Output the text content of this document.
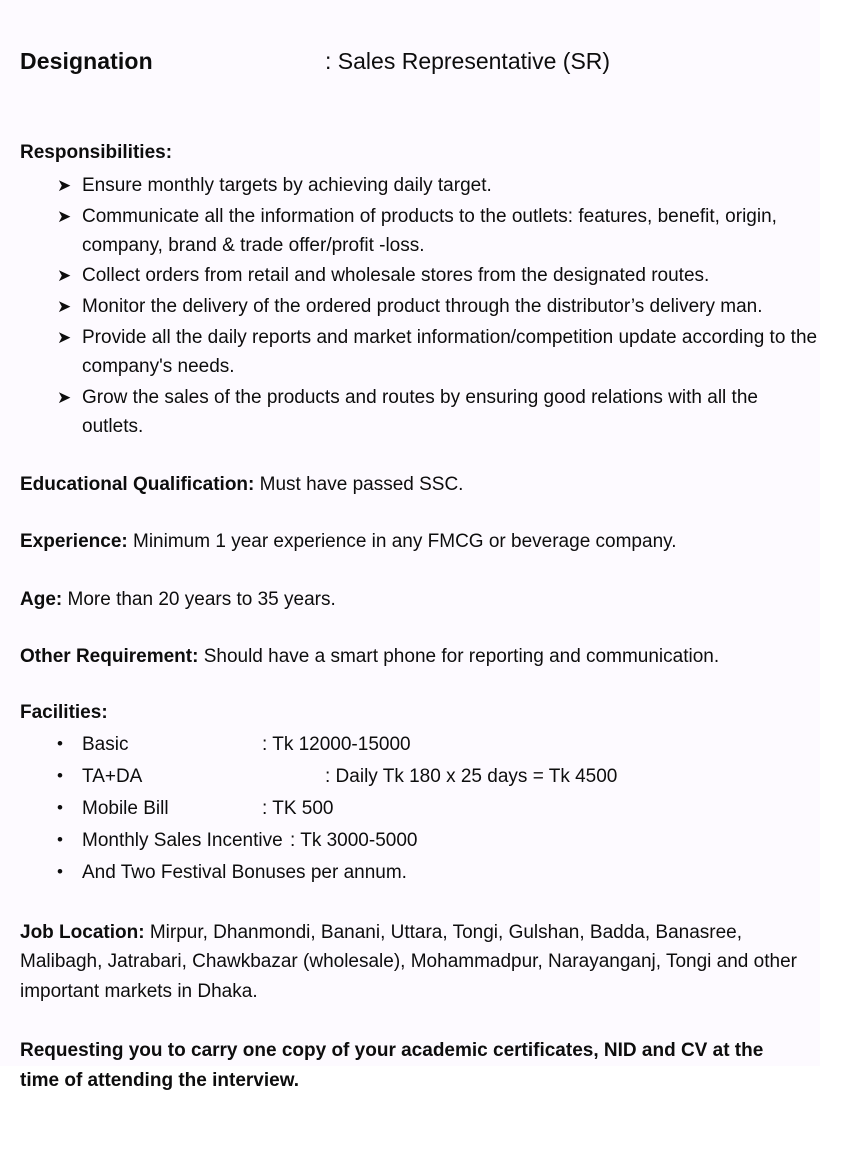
Designation	: Sales Representative (SR)
Responsibilities:
➤ Ensure monthly targets by achieving daily target.
➤ Communicate all the information of products to the outlets: features, benefit, origin, company, brand & trade offer/profit -loss.
➤ Collect orders from retail and wholesale stores from the designated routes.
➤ Monitor the delivery of the ordered product through the distributor’s delivery man.
➤ Provide all the daily reports and market information/competition update according to the company's needs.
➤ Grow the sales of the products and routes by ensuring good relations with all the outlets.

Educational Qualification: Must have passed SSC.

Experience: Minimum 1 year experience in any FMCG or beverage company.

Age: More than 20 years to 35 years.

Other Requirement: Should have a smart phone for reporting and communication.

Facilities:
• Basic	: Tk 12000-15000
• TA+DA	: Daily Tk 180 x 25 days = Tk 4500
• Mobile Bill	: TK 500
• Monthly Sales Incentive : Tk 3000-5000
• And Two Festival Bonuses per annum.

Job Location: Mirpur, Dhanmondi, Banani, Uttara, Tongi, Gulshan, Badda, Banasree, Malibagh, Jatrabari, Chawkbazar (wholesale), Mohammadpur, Narayanganj, Tongi and other important markets in Dhaka.

Requesting you to carry one copy of your academic certificates, NID and CV at the time of attending the interview.
